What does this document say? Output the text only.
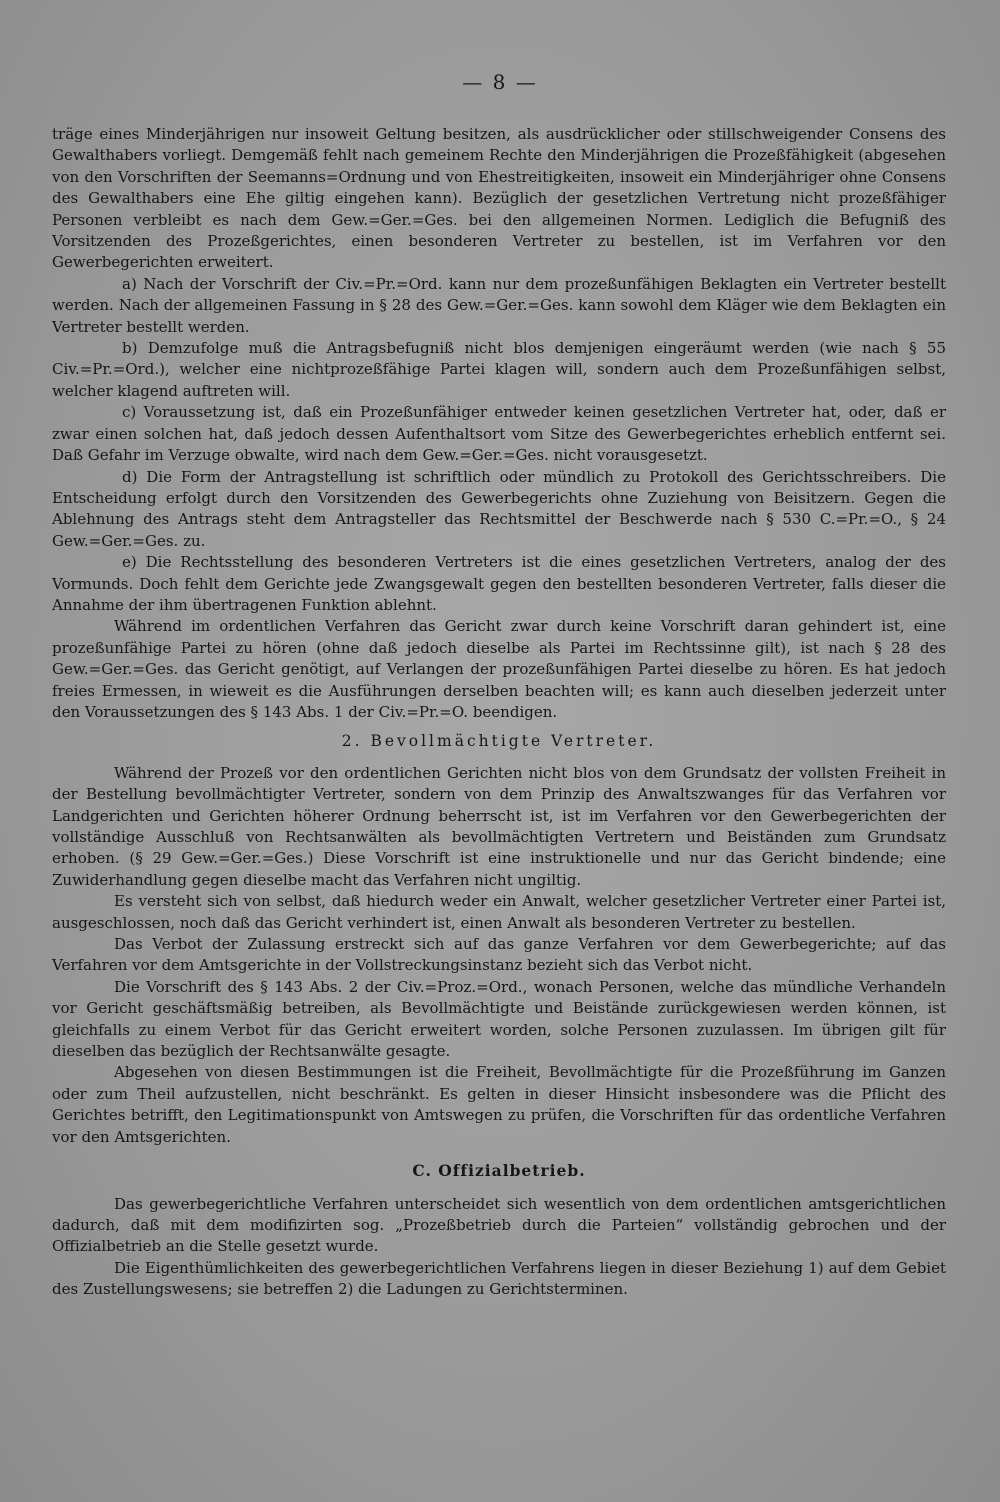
— 8 —

träge eines Minderjährigen nur insoweit Geltung besitzen, als ausdrücklicher oder stillschweigender Consens des Gewalthabers vorliegt. Demgemäß fehlt nach gemeinem Rechte den Minderjährigen die Prozeßfähigkeit (abgesehen von den Vorschriften der Seemanns=Ordnung und von Ehestreitigkeiten, insoweit ein Minderjähriger ohne Consens des Gewalthabers eine Ehe giltig eingehen kann). Bezüglich der gesetzlichen Vertretung nicht prozeßfähiger Personen verbleibt es nach dem Gew.=Ger.=Ges. bei den allgemeinen Normen. Lediglich die Befugniß des Vorsitzenden des Prozeßgerichtes, einen besonderen Vertreter zu bestellen, ist im Verfahren vor den Gewerbegerichten erweitert.

a) Nach der Vorschrift der Civ.=Pr.=Ord. kann nur dem prozeßunfähigen Beklagten ein Vertreter bestellt werden. Nach der allgemeinen Fassung in § 28 des Gew.=Ger.=Ges. kann sowohl dem Kläger wie dem Beklagten ein Vertreter bestellt werden.

b) Demzufolge muß die Antragsbefugniß nicht blos demjenigen eingeräumt werden (wie nach § 55 Civ.=Pr.=Ord.), welcher eine nichtprozeßfähige Partei klagen will, sondern auch dem Prozeßunfähigen selbst, welcher klagend auftreten will.

c) Voraussetzung ist, daß ein Prozeßunfähiger entweder keinen gesetzlichen Vertreter hat, oder, daß er zwar einen solchen hat, daß jedoch dessen Aufenthaltsort vom Sitze des Gewerbegerichtes erheblich entfernt sei. Daß Gefahr im Verzuge obwalte, wird nach dem Gew.=Ger.=Ges. nicht vorausgesetzt.

d) Die Form der Antragstellung ist schriftlich oder mündlich zu Protokoll des Gerichtsschreibers. Die Entscheidung erfolgt durch den Vorsitzenden des Gewerbegerichts ohne Zuziehung von Beisitzern. Gegen die Ablehnung des Antrags steht dem Antragsteller das Rechtsmittel der Beschwerde nach § 530 C.=Pr.=O., § 24 Gew.=Ger.=Ges. zu.

e) Die Rechtsstellung des besonderen Vertreters ist die eines gesetzlichen Vertreters, analog der des Vormunds. Doch fehlt dem Gerichte jede Zwangsgewalt gegen den bestellten besonderen Vertreter, falls dieser die Annahme der ihm übertragenen Funktion ablehnt.

Während im ordentlichen Verfahren das Gericht zwar durch keine Vorschrift daran gehindert ist, eine prozeßunfähige Partei zu hören (ohne daß jedoch dieselbe als Partei im Rechtssinne gilt), ist nach § 28 des Gew.=Ger.=Ges. das Gericht genötigt, auf Verlangen der prozeßunfähigen Partei dieselbe zu hören. Es hat jedoch freies Ermessen, in wieweit es die Ausführungen derselben beachten will; es kann auch dieselben jederzeit unter den Voraussetzungen des § 143 Abs. 1 der Civ.=Pr.=O. beendigen.

2. Bevollmächtigte Vertreter.

Während der Prozeß vor den ordentlichen Gerichten nicht blos von dem Grundsatz der vollsten Freiheit in der Bestellung bevollmächtigter Vertreter, sondern von dem Prinzip des Anwaltszwanges für das Verfahren vor Landgerichten und Gerichten höherer Ordnung beherrscht ist, ist im Verfahren vor den Gewerbegerichten der vollständige Ausschluß von Rechtsanwälten als bevollmächtigten Vertretern und Beiständen zum Grundsatz erhoben. (§ 29 Gew.=Ger.=Ges.) Diese Vorschrift ist eine instruktionelle und nur das Gericht bindende; eine Zuwiderhandlung gegen dieselbe macht das Verfahren nicht ungiltig.

Es versteht sich von selbst, daß hiedurch weder ein Anwalt, welcher gesetzlicher Vertreter einer Partei ist, ausgeschlossen, noch daß das Gericht verhindert ist, einen Anwalt als besonderen Vertreter zu bestellen.

Das Verbot der Zulassung erstreckt sich auf das ganze Verfahren vor dem Gewerbegerichte; auf das Verfahren vor dem Amtsgerichte in der Vollstreckungsinstanz bezieht sich das Verbot nicht.

Die Vorschrift des § 143 Abs. 2 der Civ.=Proz.=Ord., wonach Personen, welche das mündliche Verhandeln vor Gericht geschäftsmäßig betreiben, als Bevollmächtigte und Beistände zurückgewiesen werden können, ist gleichfalls zu einem Verbot für das Gericht erweitert worden, solche Personen zuzulassen. Im übrigen gilt für dieselben das bezüglich der Rechtsanwälte gesagte.

Abgesehen von diesen Bestimmungen ist die Freiheit, Bevollmächtigte für die Prozeßführung im Ganzen oder zum Theil aufzustellen, nicht beschränkt. Es gelten in dieser Hinsicht insbesondere was die Pflicht des Gerichtes betrifft, den Legitimationspunkt von Amtswegen zu prüfen, die Vorschriften für das ordentliche Verfahren vor den Amtsgerichten.

C. Offizialbetrieb.

Das gewerbegerichtliche Verfahren unterscheidet sich wesentlich von dem ordentlichen amtsgerichtlichen dadurch, daß mit dem modifizirten sog. „Prozeßbetrieb durch die Parteien“ vollständig gebrochen und der Offizialbetrieb an die Stelle gesetzt wurde.

Die Eigenthümlichkeiten des gewerbegerichtlichen Verfahrens liegen in dieser Beziehung 1) auf dem Gebiet des Zustellungswesens; sie betreffen 2) die Ladungen zu Gerichtsterminen.
